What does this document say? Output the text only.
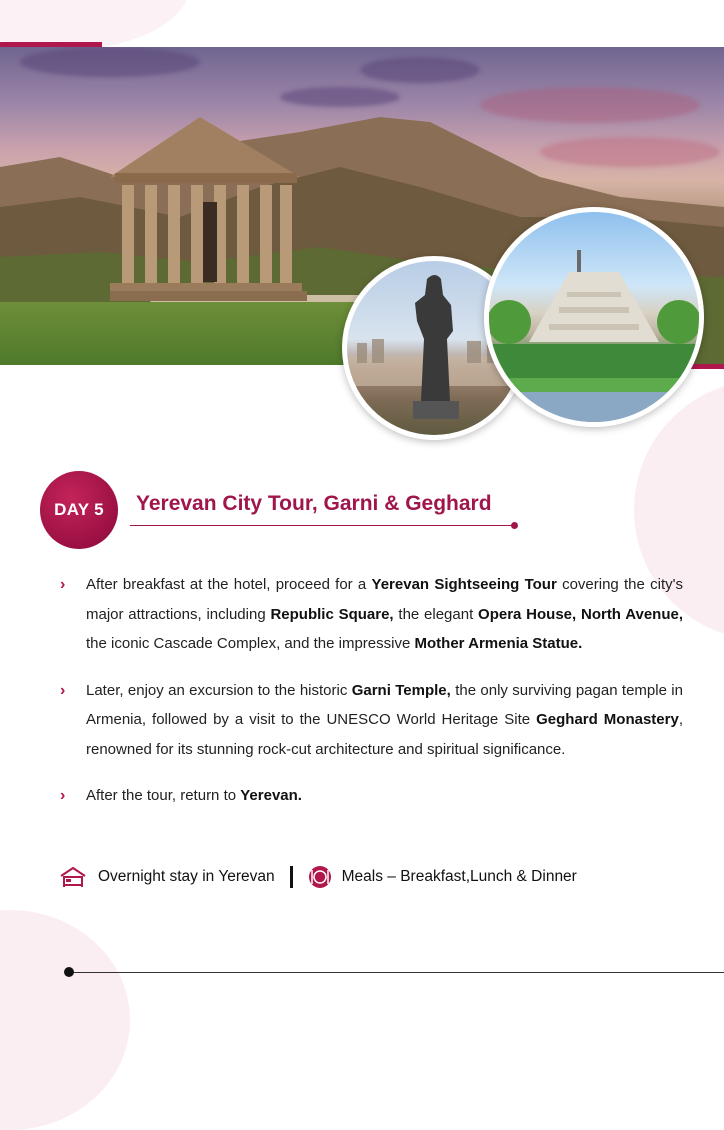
DAY 5	Yerevan City Tour, Garni & Geghard
› After breakfast at the hotel, proceed for a Yerevan Sightseeing Tour covering the city's major attractions, including Republic Square, the elegant Opera House, North Avenue, the iconic Cascade Complex, and the impressive Mother Armenia Statue.
› Later, enjoy an excursion to the historic Garni Temple, the only surviving pagan temple in Armenia, followed by a visit to the UNESCO World Heritage Site Geghard Monastery, renowned for its stunning rock-cut architecture and spiritual significance.
› After the tour, return to Yerevan.
Overnight stay in Yerevan	Meals – Breakfast,Lunch & Dinner
